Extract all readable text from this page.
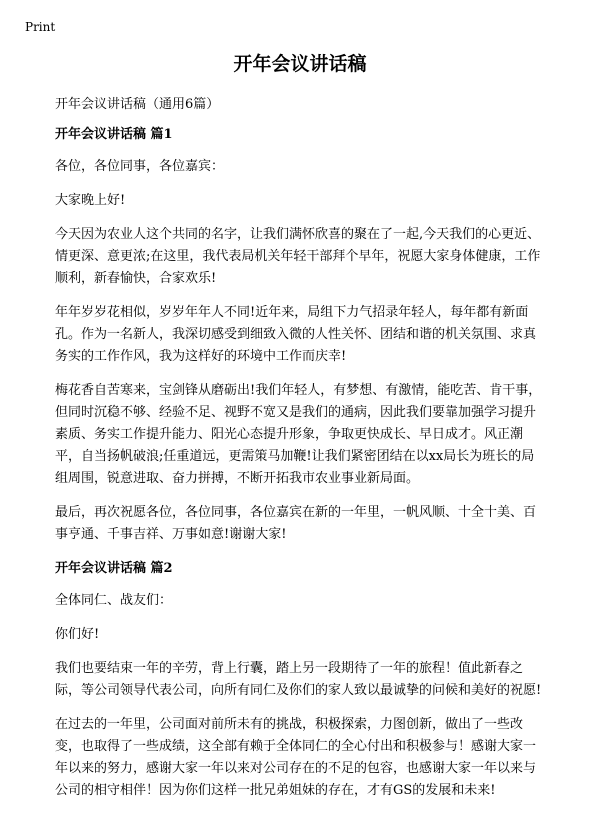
Print
开年会议讲话稿

开年会议讲话稿（通用6篇）

开年会议讲话稿 篇1

各位，各位同事，各位嘉宾：

大家晚上好!

今天因为农业人这个共同的名字，让我们满怀欣喜的聚在了一起,今天我们的心更近、情更深、意更浓;在这里，我代表局机关年轻干部拜个早年，祝愿大家身体健康，工作顺利，新春愉快，合家欢乐!

年年岁岁花相似，岁岁年年人不同!近年来，局组下力气招录年轻人，每年都有新面孔。作为一名新人，我深切感受到细致入微的人性关怀、团结和谐的机关氛围、求真务实的工作作风，我为这样好的环境中工作而庆幸!

梅花香自苦寒来，宝剑锋从磨砺出!我们年轻人，有梦想、有激情，能吃苦、肯干事，但同时沉稳不够、经验不足、视野不宽又是我们的通病，因此我们要靠加强学习提升素质、务实工作提升能力、阳光心态提升形象，争取更快成长、早日成才。风正潮平，自当扬帆破浪;任重道远，更需策马加鞭!让我们紧密团结在以xx局长为班长的局组周围，锐意进取、奋力拼搏，不断开拓我市农业事业新局面。

最后，再次祝愿各位，各位同事，各位嘉宾在新的一年里，一帆风顺、十全十美、百事亨通、千事吉祥、万事如意!谢谢大家!

开年会议讲话稿 篇2

全体同仁、战友们：

你们好!

我们也要结束一年的辛劳，背上行囊，踏上另一段期待了一年的旅程！值此新春之际，等公司领导代表公司，向所有同仁及你们的家人致以最诚挚的问候和美好的祝愿!

在过去的一年里，公司面对前所未有的挑战，积极探索，力图创新，做出了一些改变，也取得了一些成绩，这全部有赖于全体同仁的全心付出和积极参与！感谢大家一年以来的努力，感谢大家一年以来对公司存在的不足的包容，也感谢大家一年以来与公司的相守相伴！因为你们这样一批兄弟姐妹的存在，才有GS的发展和未来!
